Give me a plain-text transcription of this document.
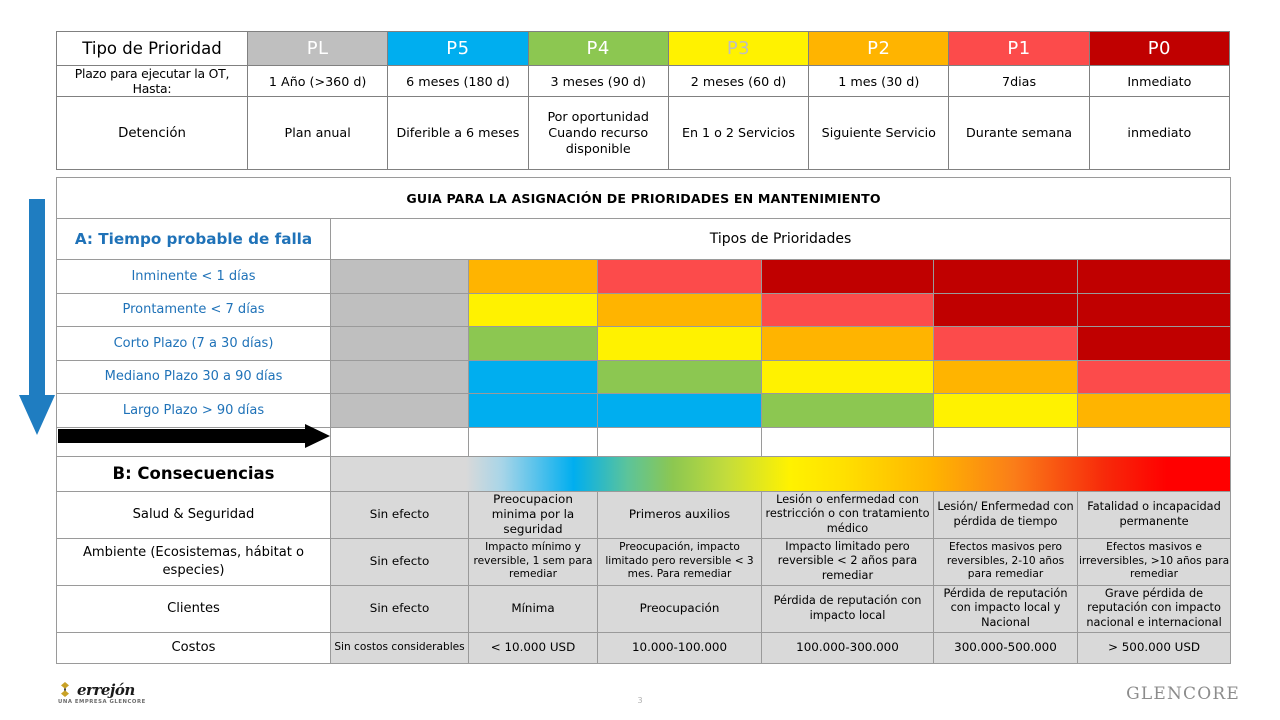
Tipo de Prioridad	PL	P5	P4	P3	P2	P1	P0
Plazo para ejecutar la OT, Hasta:	1 Año (>360 d)	6 meses (180 d)	3 meses (90 d)	2 meses (60 d)	1 mes (30 d)	7dias	Inmediato
Detención	Plan anual	Diferible a 6 meses	Por oportunidad Cuando recurso disponible	En 1 o 2 Servicios	Siguiente Servicio	Durante semana	inmediato
GUIA PARA LA ASIGNACIÓN DE PRIORIDADES EN MANTENIMIENTO						
A: Tiempo probable de falla	Tipos de Prioridades					
Inminente < 1 días						
Prontamente < 7 días						
Corto Plazo (7 a 30 días)						
Mediano Plazo 30 a 90 días						
Largo Plazo > 90 días						

B: Consecuencias						

Salud & Seguridad	Sin efecto	Preocupacion minima por la seguridad	Primeros auxilios	Lesión o enfermedad con restricción o con tratamiento médico	Lesión/ Enfermedad con pérdida de tiempo	Fatalidad o incapacidad permanente
Ambiente (Ecosistemas, hábitat o especies)	Sin efecto	Impacto mínimo y reversible, 1 sem para remediar	Preocupación, impacto limitado pero reversible < 3 mes. Para remediar	Impacto limitado pero reversible < 2 años para remediar	Efectos masivos pero reversibles, 2-10 años para remediar	Efectos masivos e irreversibles, >10 años para remediar
Clientes	Sin efecto	Mínima	Preocupación	Pérdida de reputación con impacto local	Pérdida de reputación con impacto local y Nacional	Grave pérdida de reputación con impacto nacional e internacional
Costos	Sin costos considerables	< 10.000 USD	10.000-100.000	100.000-300.000	300.000-500.000	> 500.000 USD
errejón
UNA EMPRESA GLENCORE	GLENCORE
3
